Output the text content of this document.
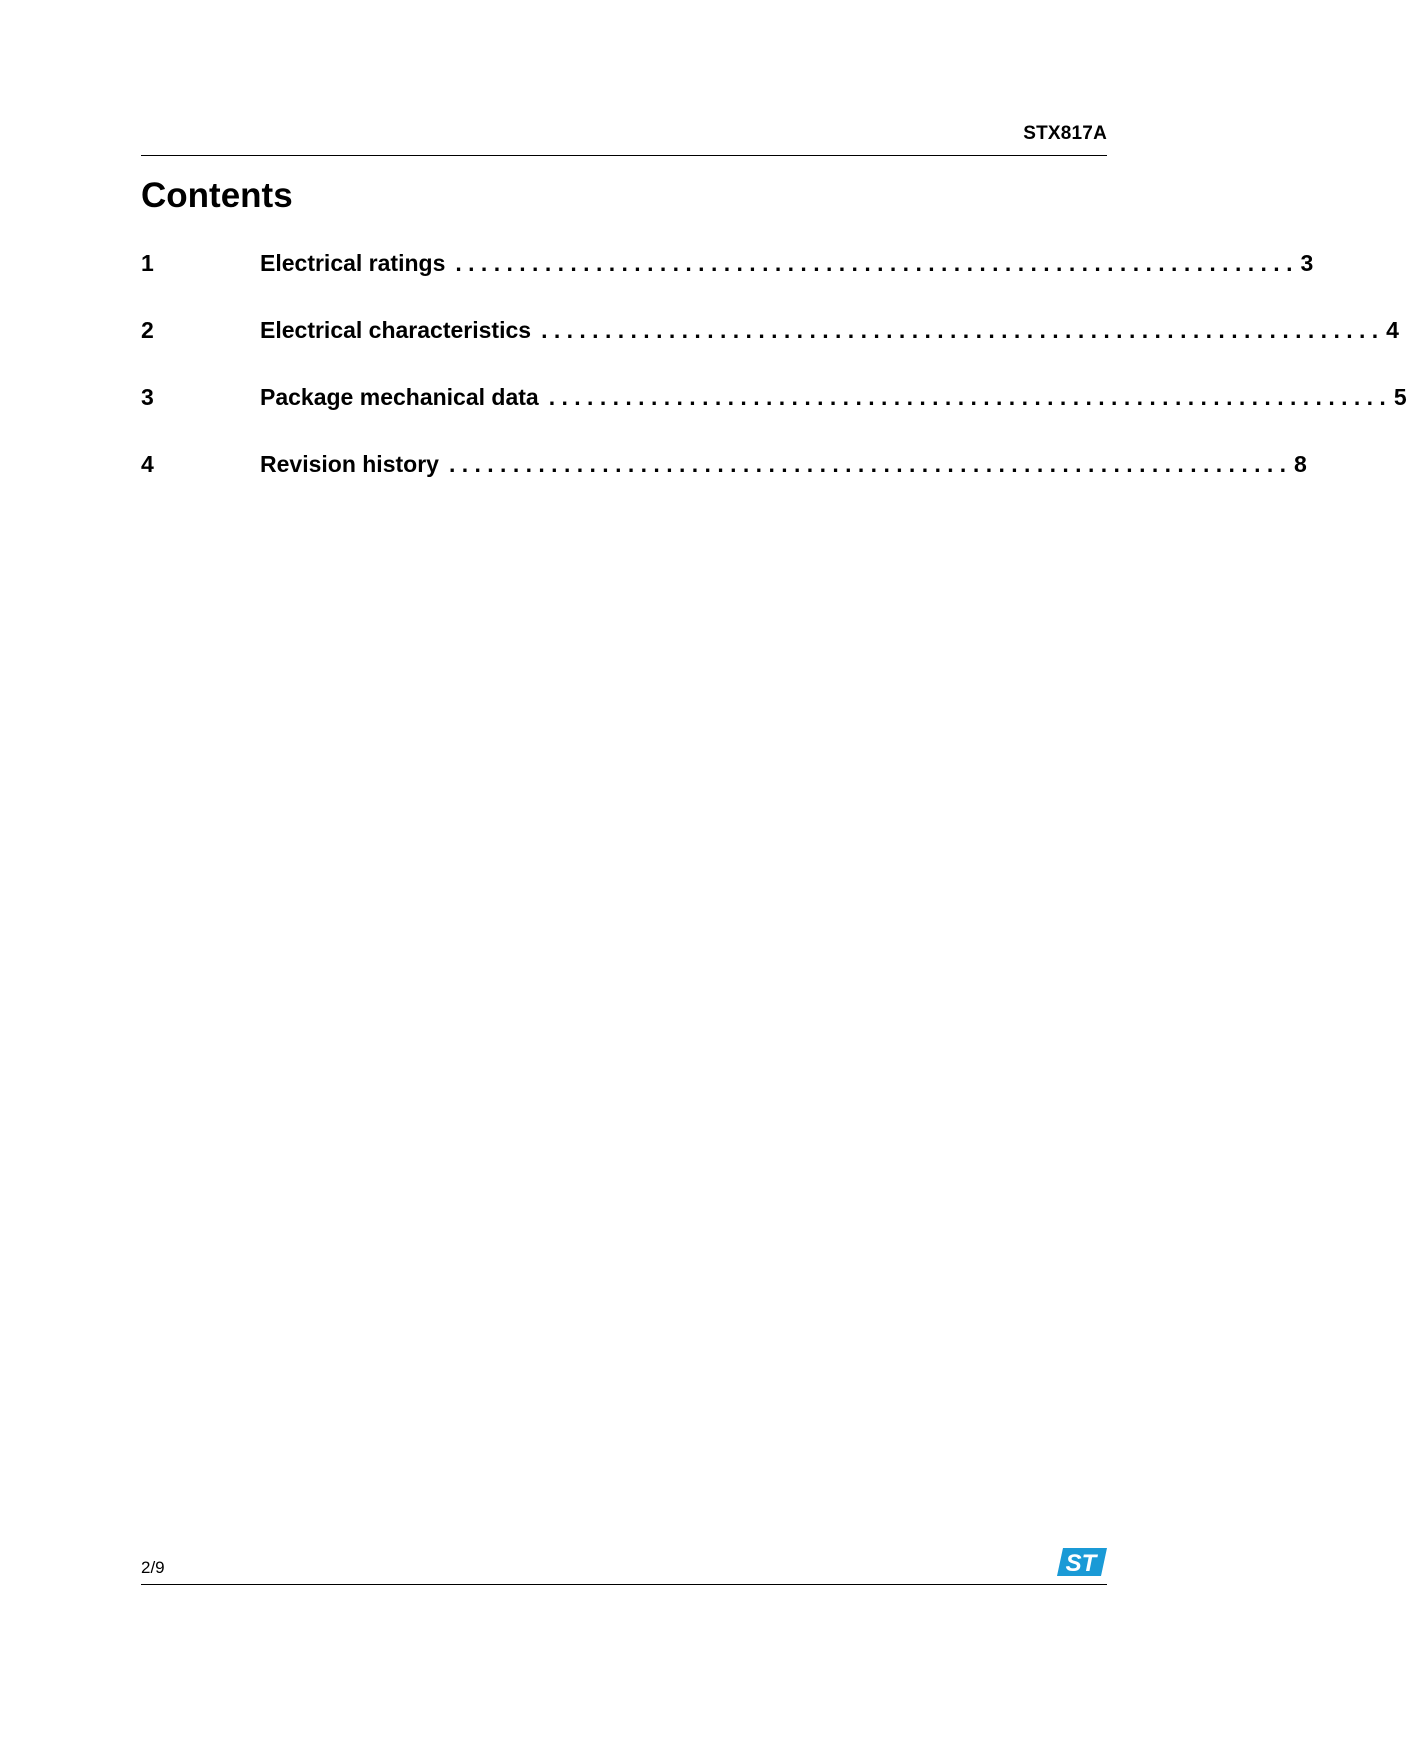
STX817A
Contents
1	Electrical ratings . . . . . . . . . . . . . . . . . . . . . . . . . . . . . . . . . . . . . . . . . . . . . . . . . . . . . . . . . . . . . . . . . . 3
2	Electrical characteristics . . . . . . . . . . . . . . . . . . . . . . . . . . . . . . . . . . . . . . . . . . . . . . . . . . . . . . . . . . . . . . . . . . 4
3	Package mechanical data . . . . . . . . . . . . . . . . . . . . . . . . . . . . . . . . . . . . . . . . . . . . . . . . . . . . . . . . . . . . . . . . . . 5
4	Revision history . . . . . . . . . . . . . . . . . . . . . . . . . . . . . . . . . . . . . . . . . . . . . . . . . . . . . . . . . . . . . . . . . . 8
2/9	ST
